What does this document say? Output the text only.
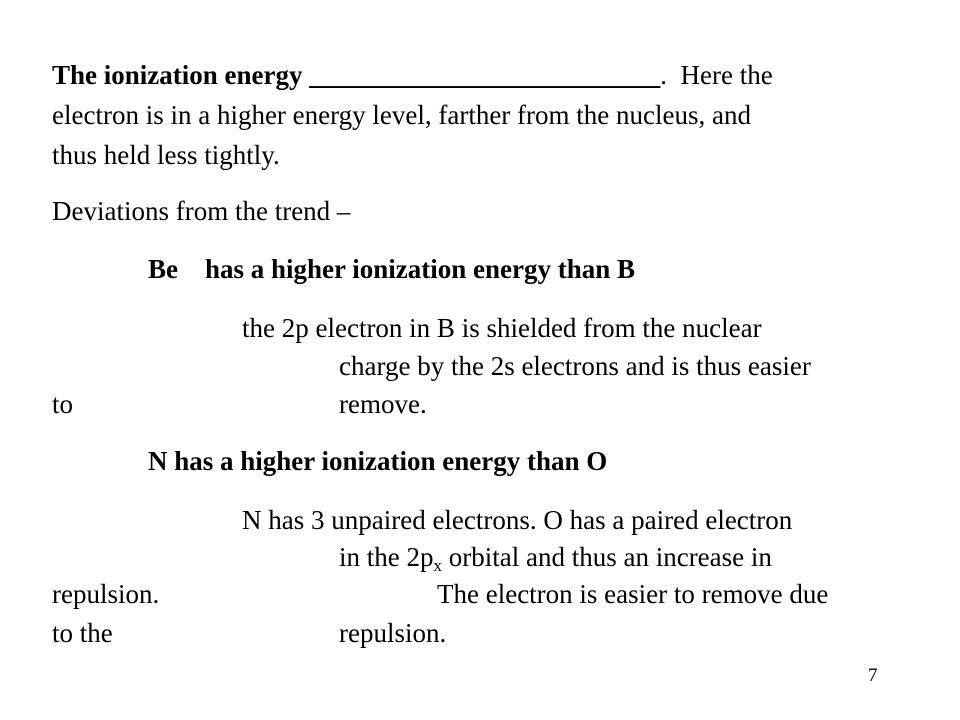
The ionization energy __________________________.  Here the
electron is in a higher energy level, farther from the nucleus, and
thus held less tightly.
Deviations from the trend –
Be has a higher ionization energy than B
the 2p electron in B is shielded from the nuclear
charge by the 2s electrons and is thus easier
to	remove.
N has a higher ionization energy than O
N has 3 unpaired electrons. O has a paired electron
in the $2p_x$ orbital and thus an increase in
repulsion.	The electron is easier to remove due
to the	repulsion.
7
